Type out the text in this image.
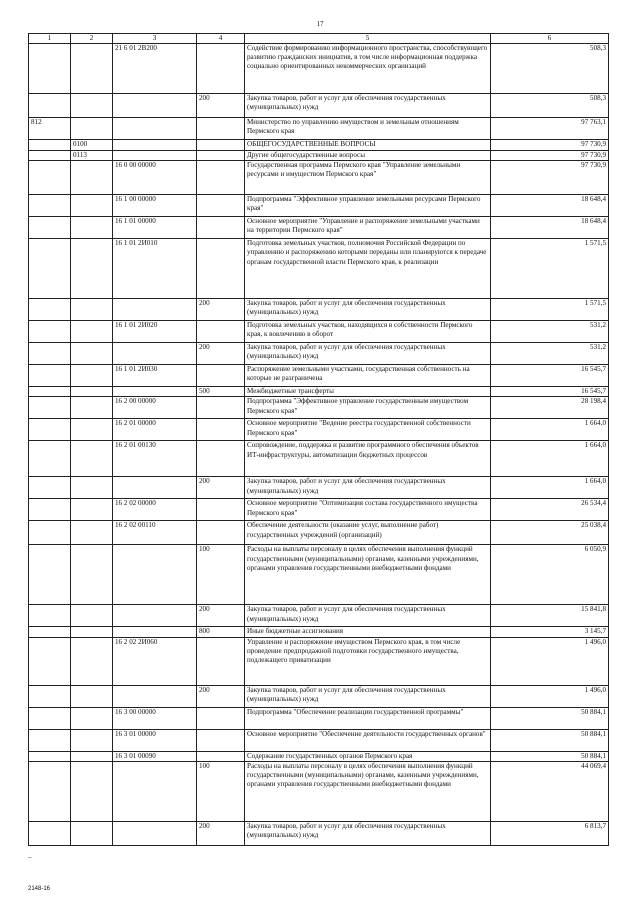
17
1	2	3	4	5	6
		21 6 01 2В200		Содействие формированию информационного пространства, способствующего развитию гражданских инициатив, в том числе информационная поддержка социально ориентированных некоммерческих организаций	508,3
			200	Закупка товаров, работ и услуг для обеспечения государственных (муниципальных) нужд	508,3
812				Министерство по управлению имуществом и земельным отношениям Пермского края	97 763,1
	0100			ОБЩЕГОСУДАРСТВЕННЫЕ ВОПРОСЫ	97 730,9
	0113			Другие общегосударственные вопросы	97 730,9
		16 0 00 00000		Государственная программа Пермского края "Управление земельными ресурсами и имуществом Пермского края"	97 730,9
		16 1 00 00000		Подпрограмма "Эффективное управление земельными ресурсами Пермского края"	18 648,4
		16 1 01 00000		Основное мероприятие "Управление и распоряжение земельными участками на территории Пермского края"	18 648,4
		16 1 01 2И010		Подготовка земельных участков, полномочия Российской Федерации по управлению и распоряжению которыми переданы или планируются к передаче органам государственной власти Пермского края, к реализации	1 571,5
			200	Закупка товаров, работ и услуг для обеспечения государственных (муниципальных) нужд	1 571,5
		16 1 01 2И020		Подготовка земельных участков, находящихся в собственности Пермского края, к вовлечению в оборот	531,2
			200	Закупка товаров, работ и услуг для обеспечения государственных (муниципальных) нужд	531,2
		16 1 01 2И030		Распоряжение земельными участками, государственная собственность на которые не разграничена	16 545,7
			500	Межбюджетные трансферты	16 545,7
		16 2 00 00000		Подпрограмма "Эффективное управление государственным имуществом Пермского края"	28 198,4
		16 2 01 00000		Основное мероприятие "Ведение реестра государственной собственности Пермского края"	1 664,0
		16 2 01 00130		Сопровождение, поддержка и развитие программного обеспечения объектов ИТ-инфраструктуры, автоматизации бюджетных процессов	1 664,0
			200	Закупка товаров, работ и услуг для обеспечения государственных (муниципальных) нужд	1 664,0
		16 2 02 00000		Основное мероприятие "Оптимизация состава государственного имущества Пермского края"	26 534,4
		16 2 02 00110		Обеспечение деятельности (оказание услуг, выполнение работ) государственных учреждений (организаций)	25 038,4
			100	Расходы на выплаты персоналу в целях обеспечения выполнения функций государственными (муниципальными) органами, казенными учреждениями, органами управления государственными внебюджетными фондами	6 050,9
			200	Закупка товаров, работ и услуг для обеспечения государственных (муниципальных) нужд	15 841,8
			800	Иные бюджетные ассигнования	3 145,7
		16 2 02 2И060		Управление и распоряжение имуществом Пермского края, в том числе проведение предпродажной подготовки государственного имущества, подлежащего приватизации	1 496,0
			200	Закупка товаров, работ и услуг для обеспечения государственных (муниципальных) нужд	1 496,0
		16 3 00 00000		Подпрограмма "Обеспечение реализации государственной программы"	50 884,1
		16 3 01 00000		Основное мероприятие "Обеспечение деятельности государственных органов"	50 884,1
		16 3 01 00090		Содержание государственных органов Пермского края	50 884,1
			100	Расходы на выплаты персоналу в целях обеспечения выполнения функций государственными (муниципальными) органами, казенными учреждениями, органами управления государственными внебюджетными фондами	44 069,4
			200	Закупка товаров, работ и услуг для обеспечения государственных (муниципальных) нужд	6 813,7
–
2148-16
